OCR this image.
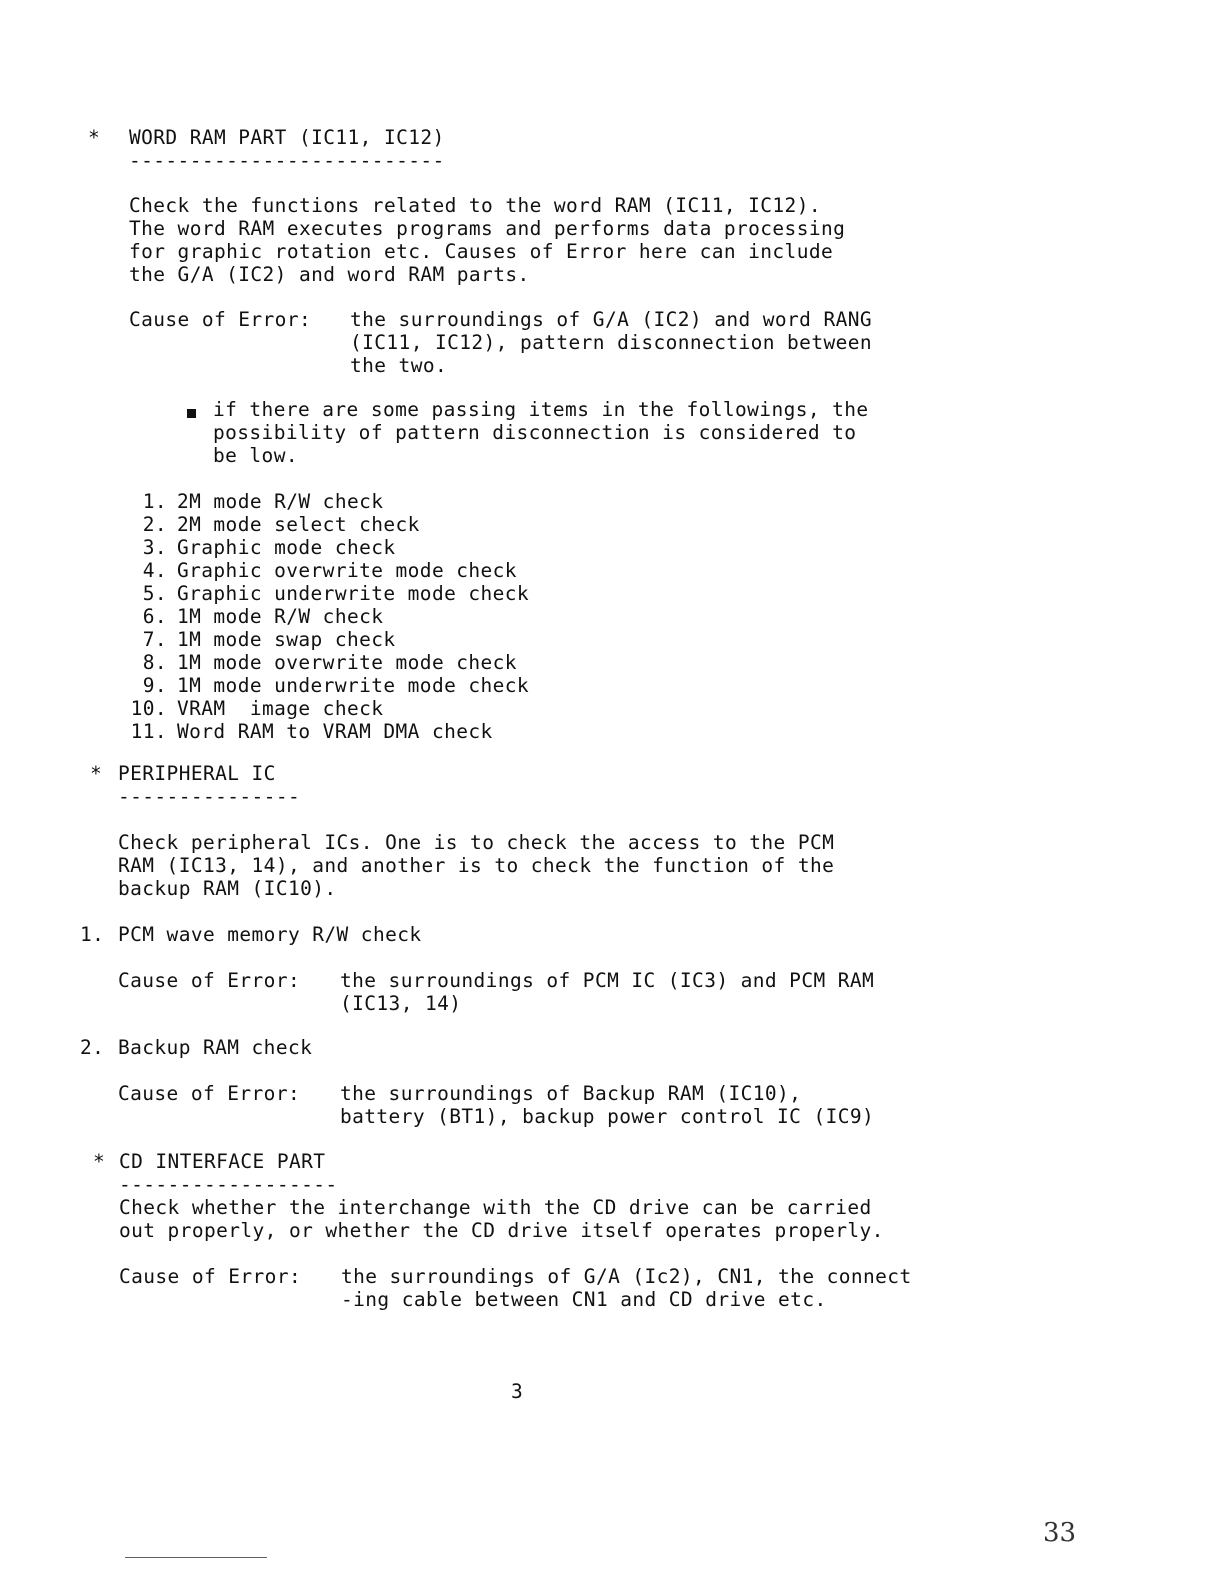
* WORD RAM PART (IC11, IC12)
--------------------------
Check the functions related to the word RAM (IC11, IC12).
The word RAM executes programs and performs data processing
for graphic rotation etc. Causes of Error here can include
the G/A (IC2) and word RAM parts.
Cause of Error: the surroundings of G/A (IC2) and word RANG
(IC11, IC12), pattern disconnection between
the two.
if there are some passing items in the followings, the
possibility of pattern disconnection is considered to
be low.
1. 2M mode R/W check
2. 2M mode select check
3. Graphic mode check
4. Graphic overwrite mode check
5. Graphic underwrite mode check
6. 1M mode R/W check
7. 1M mode swap check
8. 1M mode overwrite mode check
9. 1M mode underwrite mode check
10. VRAM  image check
11. Word RAM to VRAM DMA check
* PERIPHERAL IC
---------------
Check peripheral ICs. One is to check the access to the PCM
RAM (IC13, 14), and another is to check the function of the
backup RAM (IC10).
1. PCM wave memory R/W check
Cause of Error: the surroundings of PCM IC (IC3) and PCM RAM
(IC13, 14)
2. Backup RAM check
Cause of Error: the surroundings of Backup RAM (IC10),
battery (BT1), backup power control IC (IC9)
* CD INTERFACE PART
------------------
Check whether the interchange with the CD drive can be carried
out properly, or whether the CD drive itself operates properly.
Cause of Error: the surroundings of G/A (Ic2), CN1, the connect
-ing cable between CN1 and CD drive etc.
3
33
